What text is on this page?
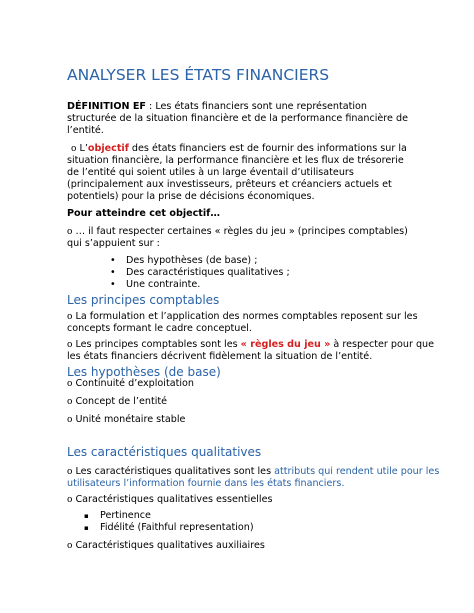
ANALYSER LES ÉTATS FINANCIERS
DÉFINITION EF : Les états financiers sont une représentation
structurée de la situation financière et de la performance financière de
l’entité.
ο L’objectif des états financiers est de fournir des informations sur la
situation financière, la performance financière et les flux de trésorerie
de l’entité qui soient utiles à un large éventail d’utilisateurs
(principalement aux investisseurs, prêteurs et créanciers actuels et
potentiels) pour la prise de décisions économiques.
Pour atteindre cet objectif…
ο … il faut respecter certaines « règles du jeu » (principes comptables)
qui s’appuient sur :
• Des hypothèses (de base) ;
• Des caractéristiques qualitatives ;
• Une contrainte.
Les principes comptables
ο La formulation et l’application des normes comptables reposent sur les
concepts formant le cadre conceptuel.
ο Les principes comptables sont les « règles du jeu » à respecter pour que
les états financiers décrivent fidèlement la situation de l’entité.
Les hypothèses (de base)
ο Continuité d’exploitation
ο Concept de l’entité
ο Unité monétaire stable
Les caractéristiques qualitatives
ο Les caractéristiques qualitatives sont les attributs qui rendent utile pour les
utilisateurs l’information fournie dans les états financiers.
ο Caractéristiques qualitatives essentielles
▪ Pertinence
▪ Fidélité (Faithful representation)
ο Caractéristiques qualitatives auxiliaires
